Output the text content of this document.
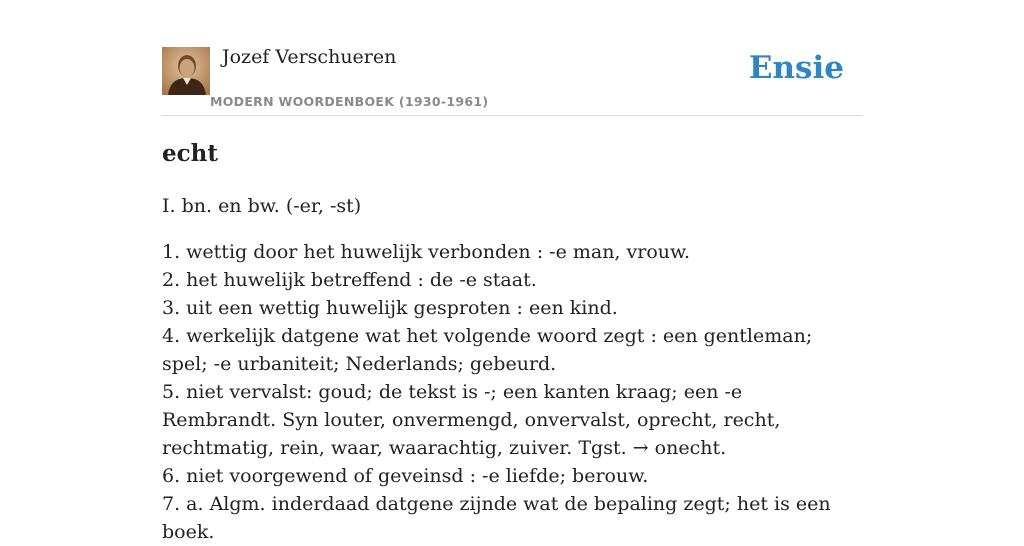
Jozef Verschueren
MODERN WOORDENBOEK (1930-1961)
Ensie
echt
I. bn. en bw. (-er, -st)
1. wettig door het huwelijk verbonden : -e man, vrouw.
2. het huwelijk betreffend : de -e staat.
3. uit een wettig huwelijk gesproten : een kind.
4. werkelijk datgene wat het volgende woord zegt : een gentleman; spel; -e urbaniteit; Nederlands; gebeurd.
5. niet vervalst: goud; de tekst is -; een kanten kraag; een -e Rembrandt. Syn louter, onvermengd, onvervalst, oprecht, recht, rechtmatig, rein, waar, waarachtig, zuiver. Tgst. → onecht.
6. niet voorgewend of geveinsd : -e liefde; berouw.
7. a. Algm. inderdaad datgene zijnde wat de bepaling zegt; het is een boek.
